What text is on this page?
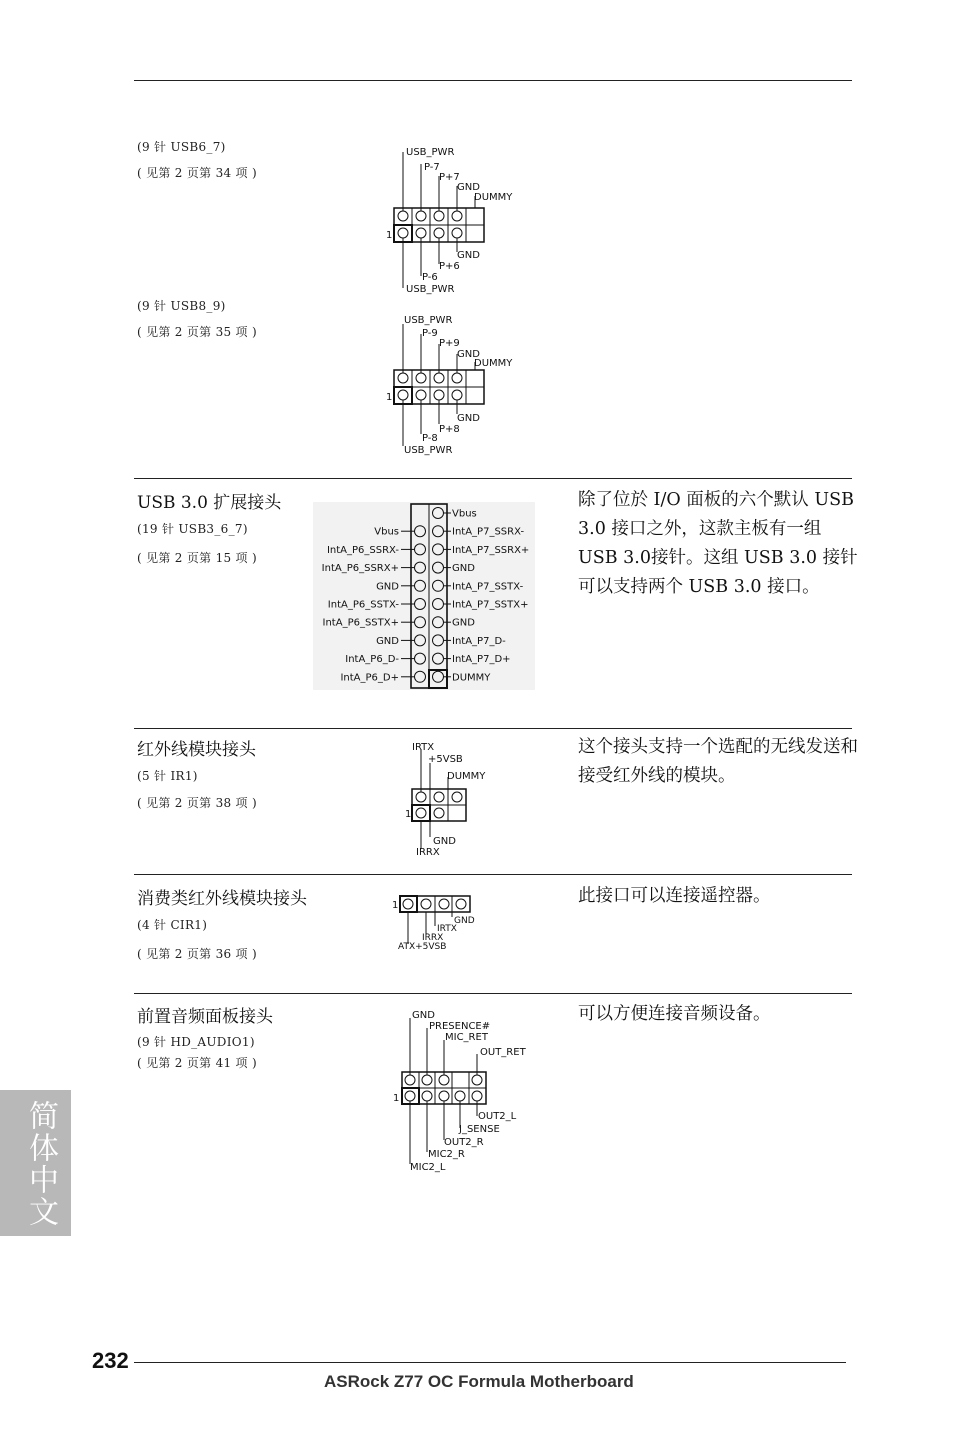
(9 针 USB6_7)
( 见第 2 页第 34 项 )
USB_PWR
P-7
P+7
GND
DUMMY
1
GND
P+6
P-6
USB_PWR
(9 针 USB8_9)
( 见第 2 页第 35 项 )
USB_PWR
P-9
P+9
GND
DUMMY
1
GND
P+8
P-8
USB_PWR
USB 3.0 扩展接头
(19 针 USB3_6_7)
( 见第 2 页第 15 项 )
Vbus
IntA_P7_SSRX-
IntA_P7_SSRX+
GND
IntA_P7_SSTX-
IntA_P7_SSTX+
GND
IntA_P7_D-
IntA_P7_D+
DUMMY
Vbus
IntA_P6_SSRX-
IntA_P6_SSRX+
GND
IntA_P6_SSTX-
IntA_P6_SSTX+
GND
IntA_P6_D-
IntA_P6_D+
除了位於 I/O 面板的六个默认 USB 3.0 接口之外，这款主板有一组 USB 3.0接针。这组 USB 3.0 接针可以支持两个 USB 3.0 接口。
红外线模块接头
(5 针 IR1)
( 见第 2 页第 38 项 )
IRTX
+5VSB
DUMMY
GND
IRRX
1
这个接头支持一个选配的无线发送和接受红外线的模块。
消费类红外线模块接头
(4 针 CIR1)
( 见第 2 页第 36 项 )
GND
IRTX
IRRX
ATX+5VSB
1	此接口可以连接遥控器。
前置音频面板接头
(9 针 HD_AUDIO1)
( 见第 2 页第 41 项 )
GND
PRESENCE#
MIC_RET
OUT_RET
1
OUT2_L
J_SENSE
OUT2_R
MIC2_R
MIC2_L
可以方便连接音频设备。
简体中文
232
ASRock Z77 OC Formula Motherboard
